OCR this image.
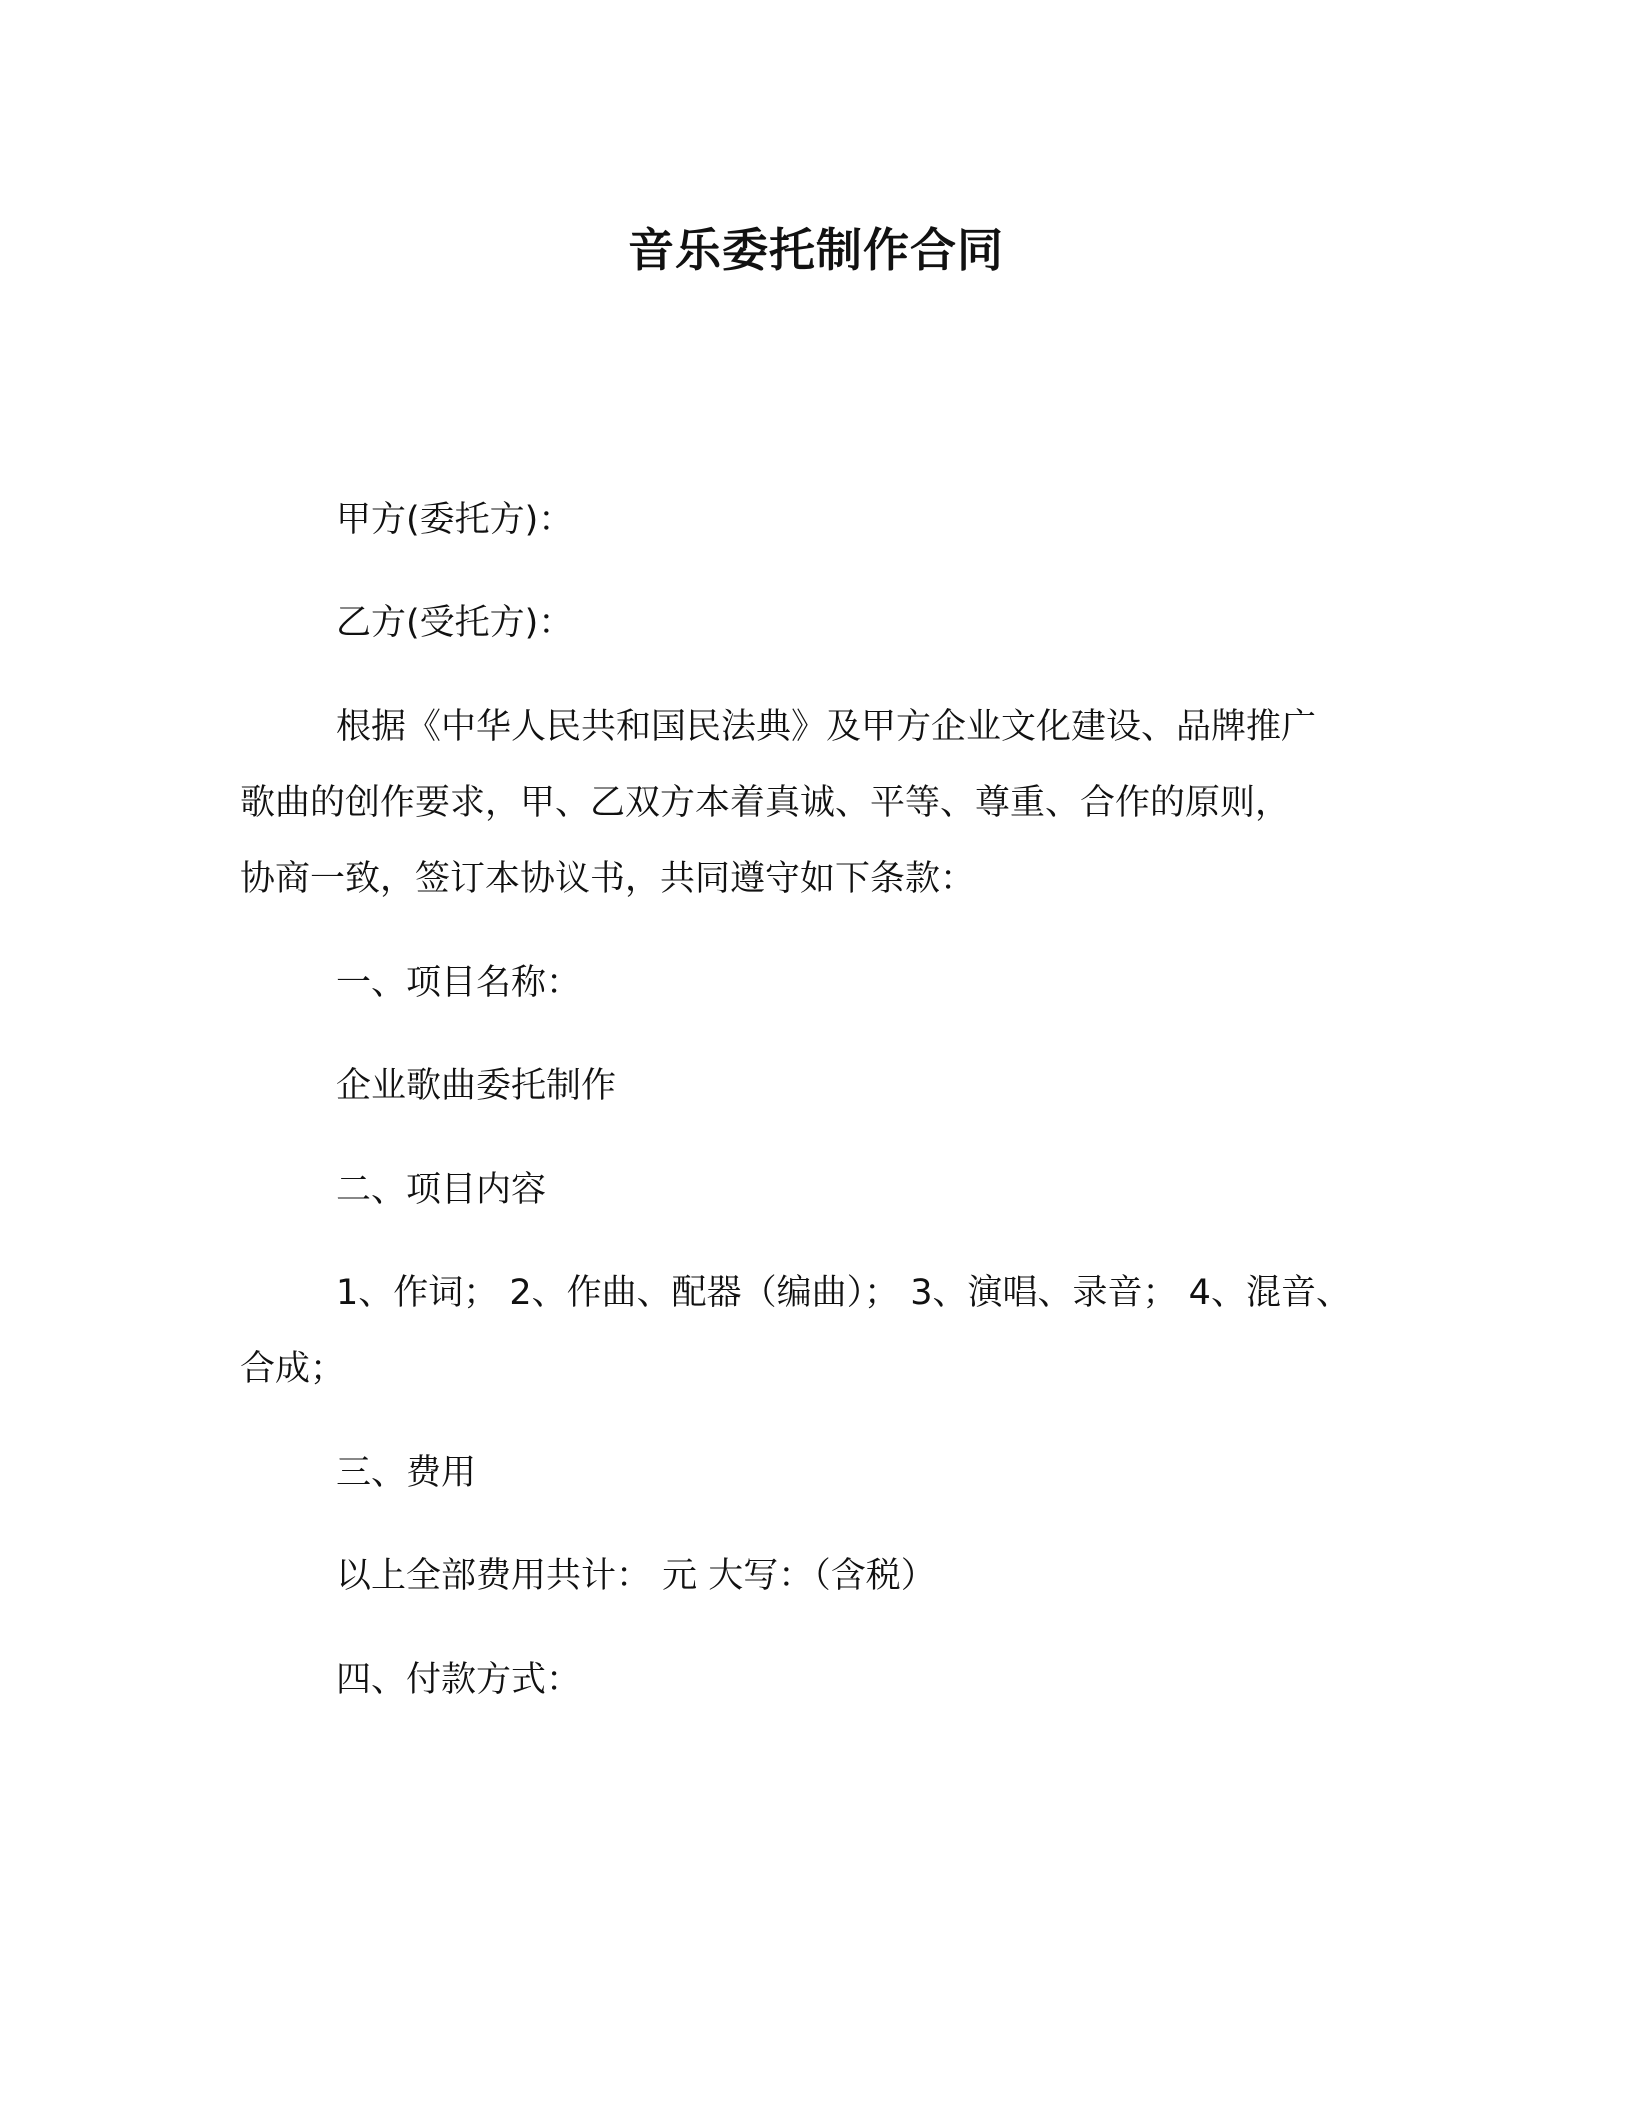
音乐委托制作合同
甲方(委托方)：
乙方(受托方)：
根据《中华人民共和国民法典》及甲方企业文化建设、品牌推广
歌曲的创作要求，甲、乙双方本着真诚、平等、尊重、合作的原则，
协商一致，签订本协议书，共同遵守如下条款：
一、项目名称：
企业歌曲委托制作
二、项目内容
1、作词； 2、作曲、配器（编曲）； 3、演唱、录音； 4、混音、
合成；
三、费用
以上全部费用共计： 元 大写：（含税）
四、付款方式：
